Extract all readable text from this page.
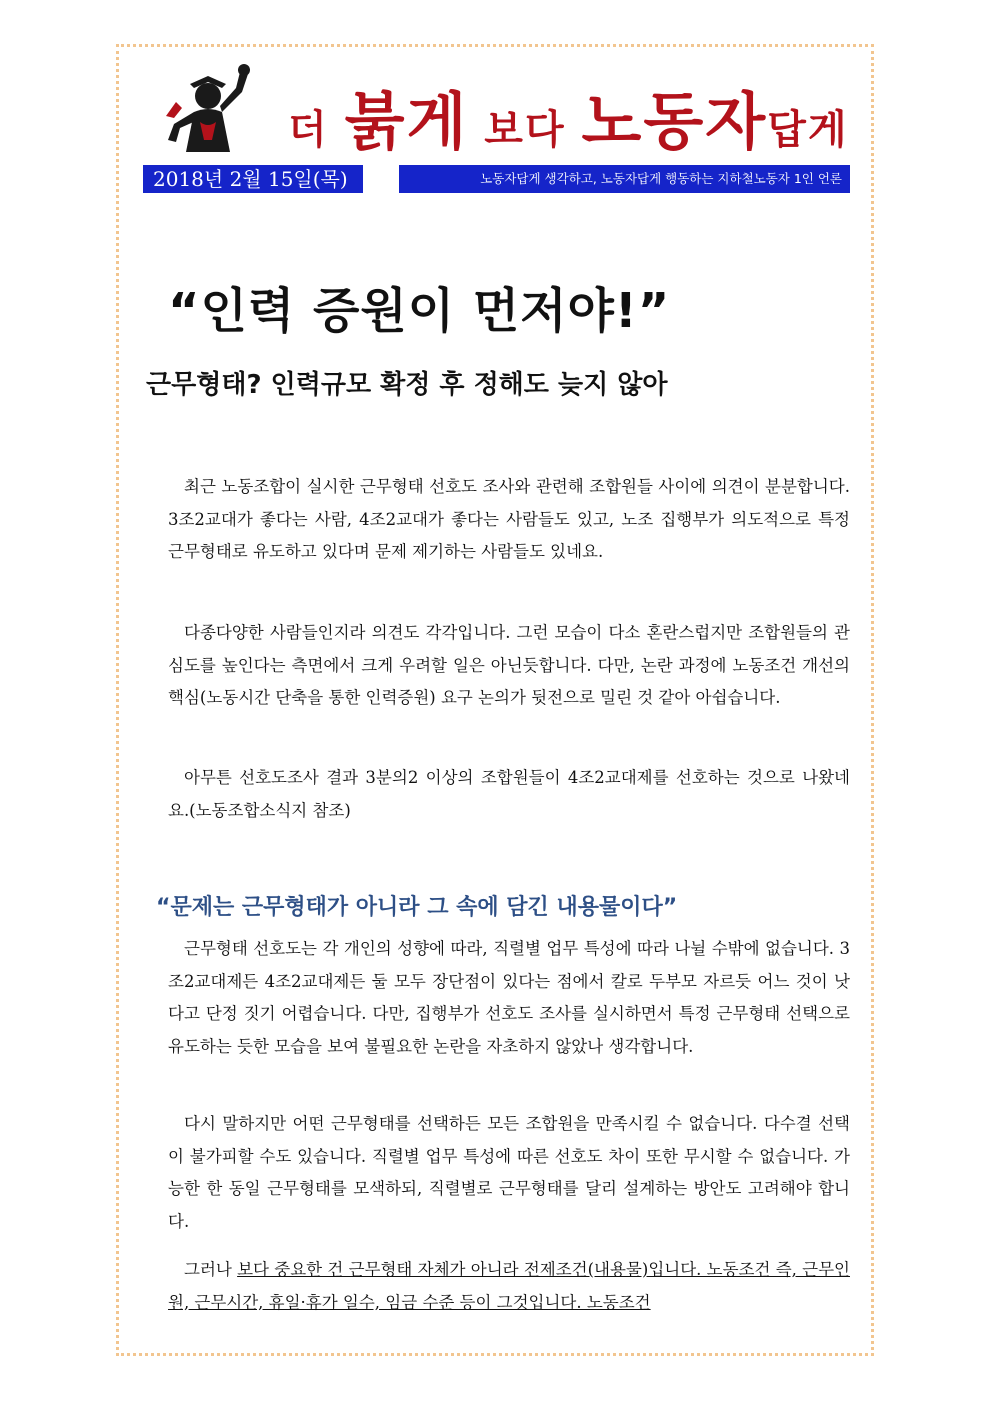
더 붉게 보다 노동자답게
2018년 2월 15일(목)	노동자답게 생각하고, 노동자답게 행동하는 지하철노동자 1인 언론
“인력 증원이 먼저야!”
근무형태? 인력규모 확정 후 정해도 늦지 않아
최근 노동조합이 실시한 근무형태 선호도 조사와 관련해 조합원들 사이에 의견이 분분합니다. 3조2교대가 좋다는 사람, 4조2교대가 좋다는 사람들도 있고, 노조 집행부가 의도적으로 특정 근무형태로 유도하고 있다며 문제 제기하는 사람들도 있네요.
다종다양한 사람들인지라 의견도 각각입니다. 그런 모습이 다소 혼란스럽지만 조합원들의 관심도를 높인다는 측면에서 크게 우려할 일은 아닌듯합니다. 다만, 논란 과정에 노동조건 개선의 핵심(노동시간 단축을 통한 인력증원) 요구 논의가 뒷전으로 밀린 것 같아 아쉽습니다.
아무튼 선호도조사 결과 3분의2 이상의 조합원들이 4조2교대제를 선호하는 것으로 나왔네요.(노동조합소식지 참조)
“문제는 근무형태가 아니라 그 속에 담긴 내용물이다”
근무형태 선호도는 각 개인의 성향에 따라, 직렬별 업무 특성에 따라 나뉠 수밖에 없습니다. 3조2교대제든 4조2교대제든 둘 모두 장단점이 있다는 점에서 칼로 두부모 자르듯 어느 것이 낫다고 단정 짓기 어렵습니다. 다만, 집행부가 선호도 조사를 실시하면서 특정 근무형태 선택으로 유도하는 듯한 모습을 보여 불필요한 논란을 자초하지 않았나 생각합니다.
다시 말하지만 어떤 근무형태를 선택하든 모든 조합원을 만족시킬 수 없습니다. 다수결 선택이 불가피할 수도 있습니다. 직렬별 업무 특성에 따른 선호도 차이 또한 무시할 수 없습니다. 가능한 한 동일 근무형태를 모색하되, 직렬별로 근무형태를 달리 설계하는 방안도 고려해야 합니다.
그러나 보다 중요한 건 근무형태 자체가 아니라 전제조건(내용물)입니다. 노동조건 즉, 근무인원, 근무시간, 휴일·휴가 일수, 임금 수준 등이 그것입니다. 노동조건
